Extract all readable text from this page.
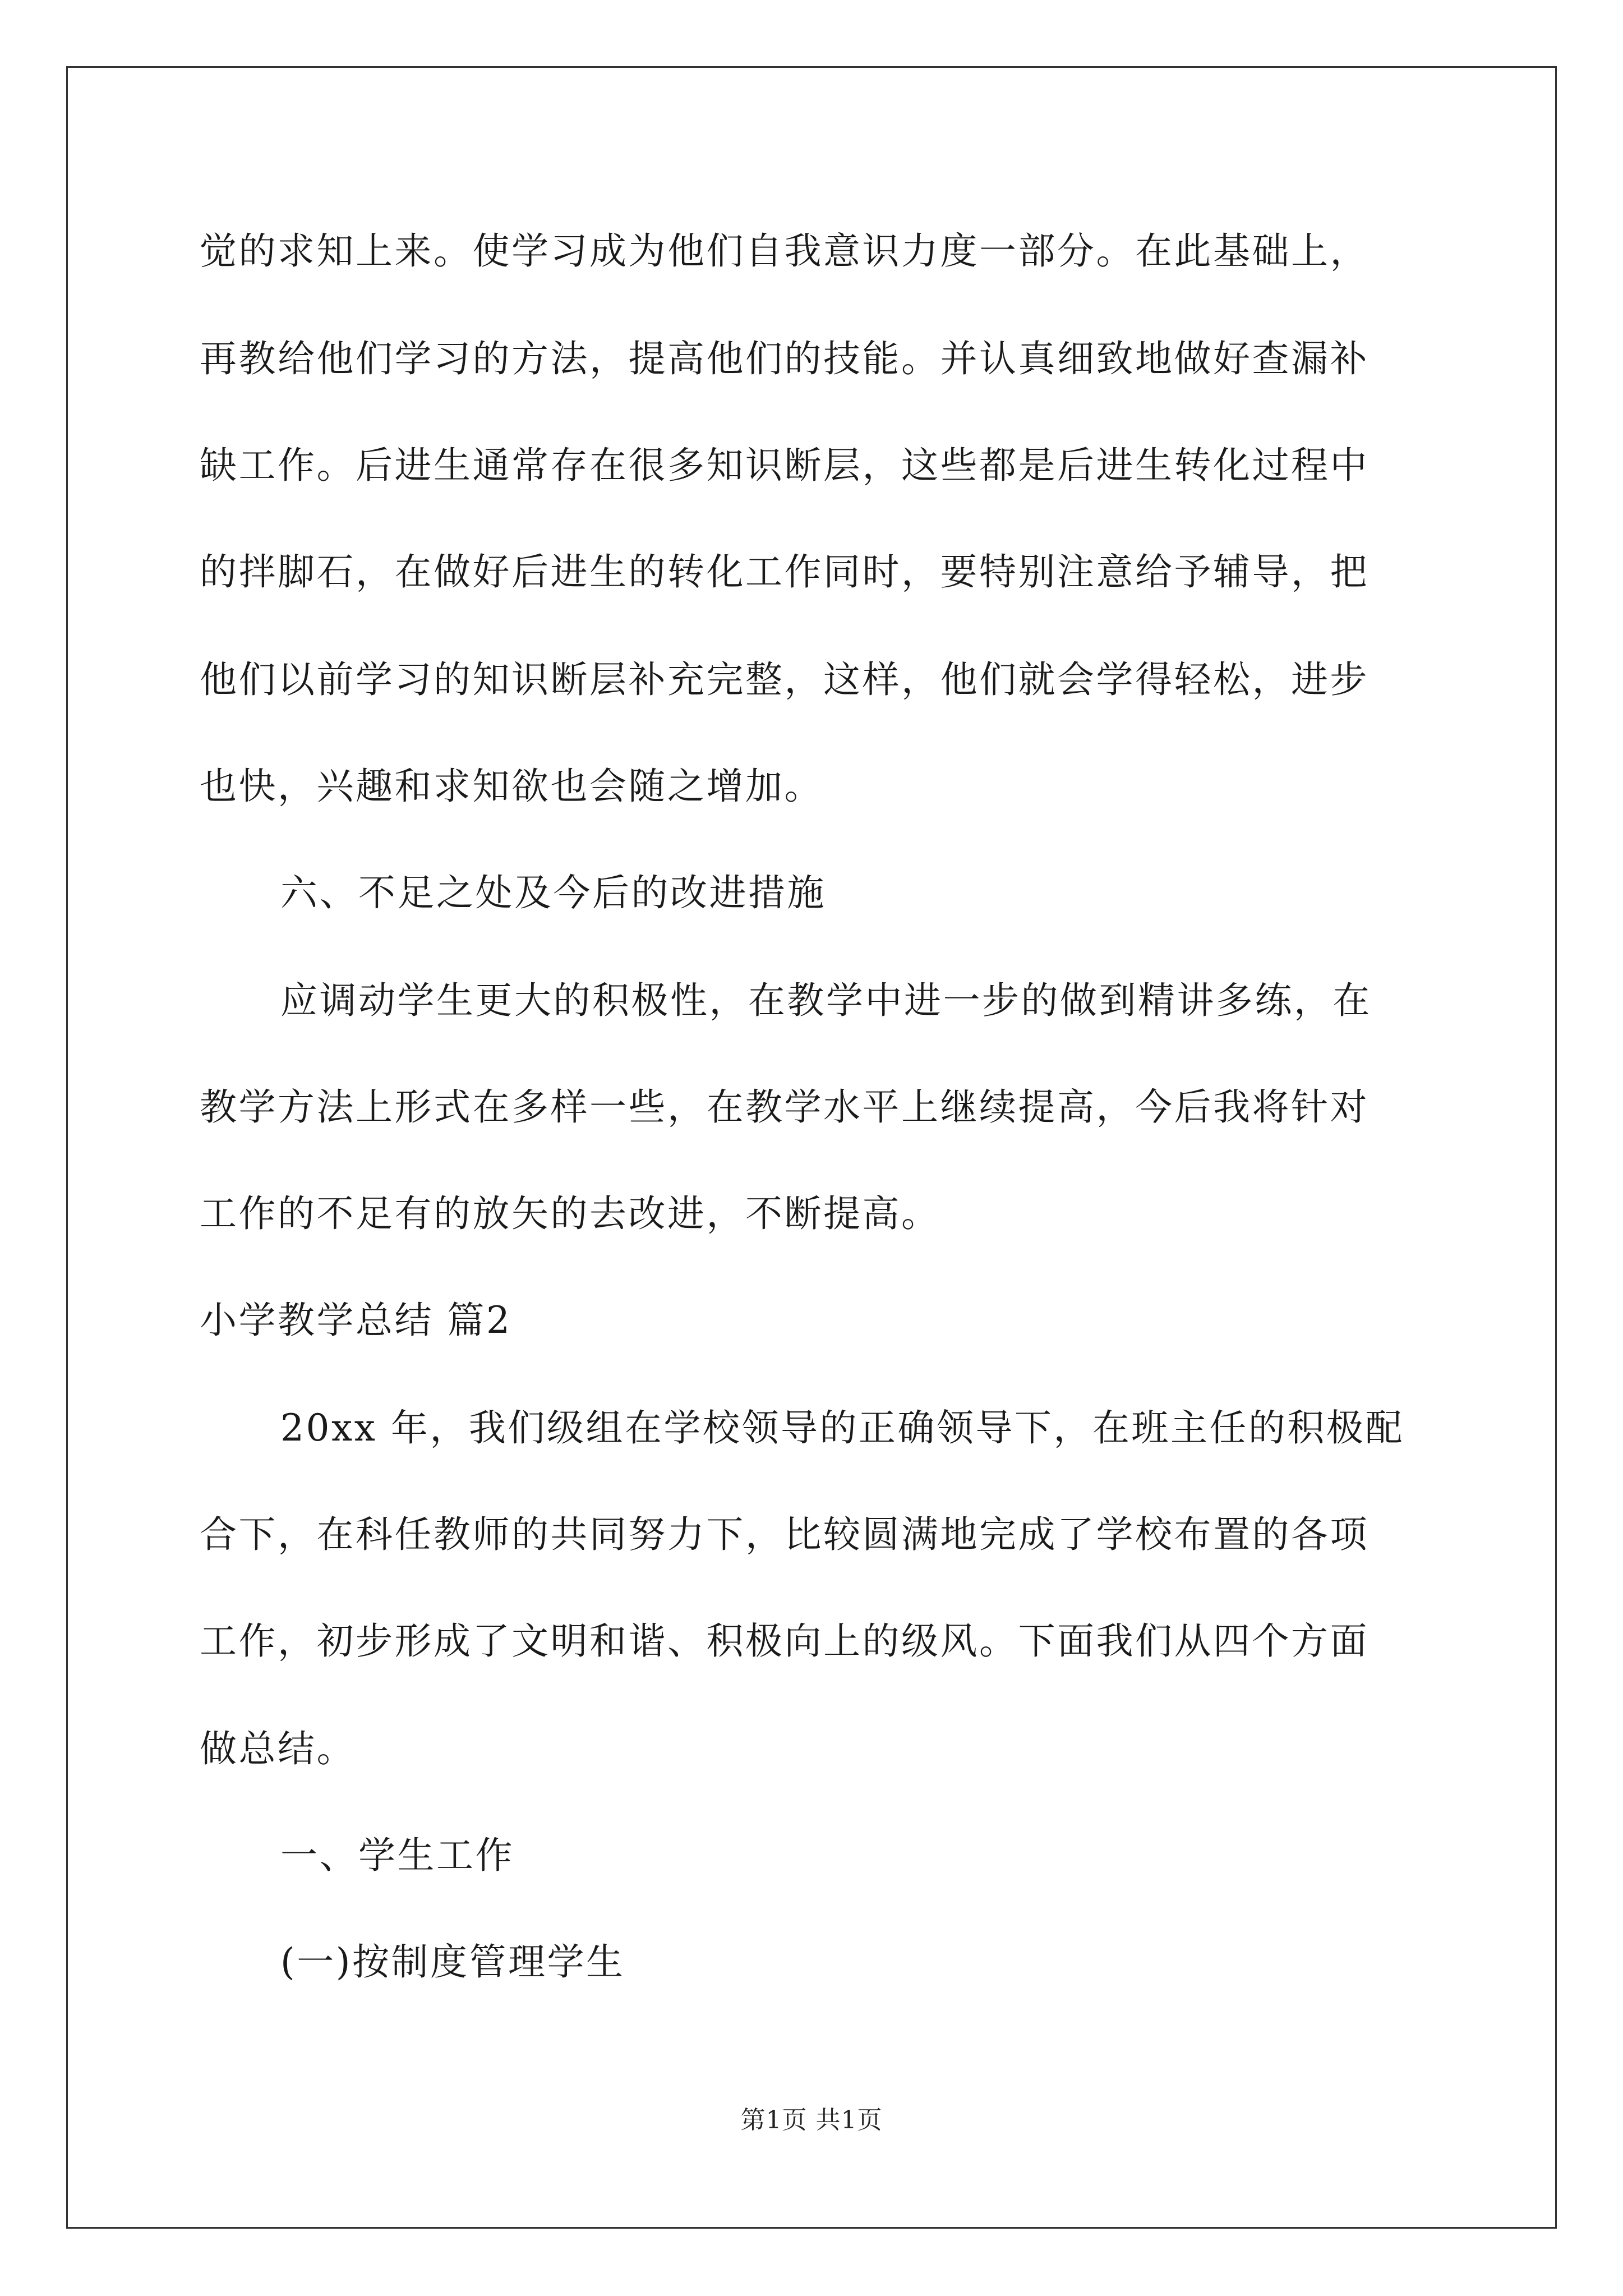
觉的求知上来。使学习成为他们自我意识力度一部分。在此基础上，
再教给他们学习的方法，提高他们的技能。并认真细致地做好查漏补
缺工作。后进生通常存在很多知识断层，这些都是后进生转化过程中
的拌脚石，在做好后进生的转化工作同时，要特别注意给予辅导，把
他们以前学习的知识断层补充完整，这样，他们就会学得轻松，进步
也快，兴趣和求知欲也会随之增加。
六、不足之处及今后的改进措施
应调动学生更大的积极性，在教学中进一步的做到精讲多练，在
教学方法上形式在多样一些，在教学水平上继续提高，今后我将针对
工作的不足有的放矢的去改进，不断提高。
小学教学总结 篇2
20xx 年，我们级组在学校领导的正确领导下，在班主任的积极配
合下，在科任教师的共同努力下，比较圆满地完成了学校布置的各项
工作，初步形成了文明和谐、积极向上的级风。下面我们从四个方面
做总结。
一、学生工作
(一)按制度管理学生
第1页 共1页
